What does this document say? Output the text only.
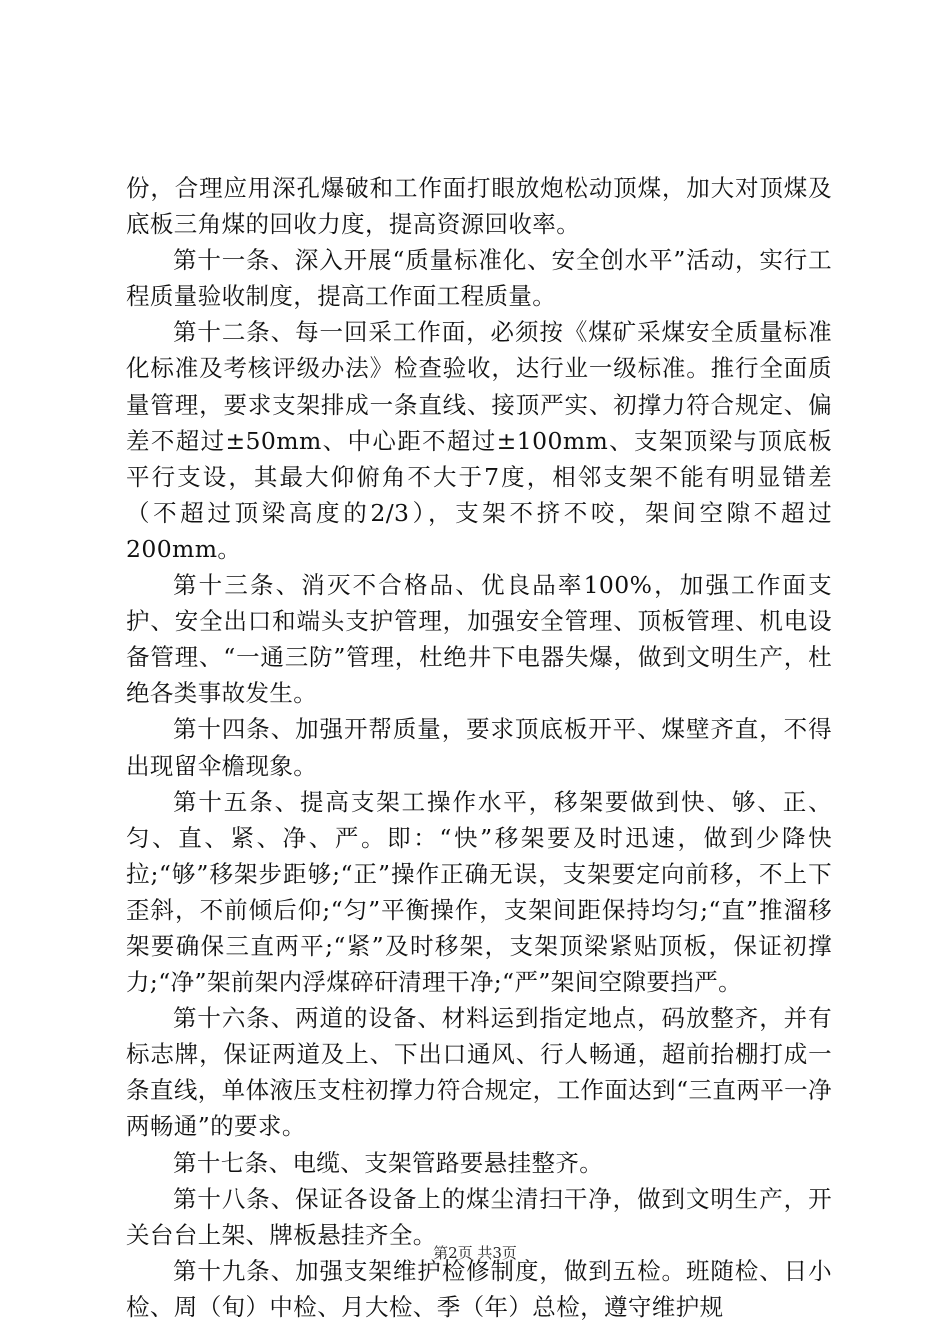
份，合理应用深孔爆破和工作面打眼放炮松动顶煤，加大对顶煤及底板三角煤的回收力度，提高资源回收率。

第十一条、深入开展“质量标准化、安全创水平”活动，实行工程质量验收制度，提高工作面工程质量。

第十二条、每一回采工作面，必须按《煤矿采煤安全质量标准化标准及考核评级办法》检查验收，达行业一级标准。推行全面质量管理，要求支架排成一条直线、接顶严实、初撑力符合规定、偏差不超过±50mm、中心距不超过±100mm、支架顶梁与顶底板平行支设，其最大仰俯角不大于7度，相邻支架不能有明显错差（不超过顶梁高度的2/3），支架不挤不咬，架间空隙不超过200mm。

第十三条、消灭不合格品、优良品率100%，加强工作面支护、安全出口和端头支护管理，加强安全管理、顶板管理、机电设备管理、“一通三防”管理，杜绝井下电器失爆，做到文明生产，杜绝各类事故发生。

第十四条、加强开帮质量，要求顶底板开平、煤壁齐直，不得出现留伞檐现象。

第十五条、提高支架工操作水平，移架要做到快、够、正、匀、直、紧、净、严。即：“快”移架要及时迅速，做到少降快拉;“够”移架步距够;“正”操作正确无误，支架要定向前移，不上下歪斜，不前倾后仰;“匀”平衡操作，支架间距保持均匀;“直”推溜移架要确保三直两平;“紧”及时移架，支架顶梁紧贴顶板，保证初撑力;“净”架前架内浮煤碎矸清理干净;“严”架间空隙要挡严。

第十六条、两道的设备、材料运到指定地点，码放整齐，并有标志牌，保证两道及上、下出口通风、行人畅通，超前抬棚打成一条直线，单体液压支柱初撑力符合规定，工作面达到“三直两平一净两畅通”的要求。

第十七条、电缆、支架管路要悬挂整齐。

第十八条、保证各设备上的煤尘清扫干净，做到文明生产，开关台台上架、牌板悬挂齐全。

第十九条、加强支架维护检修制度，做到五检。班随检、日小检、周（旬）中检、月大检、季（年）总检，遵守维护规

第2页 共3页
